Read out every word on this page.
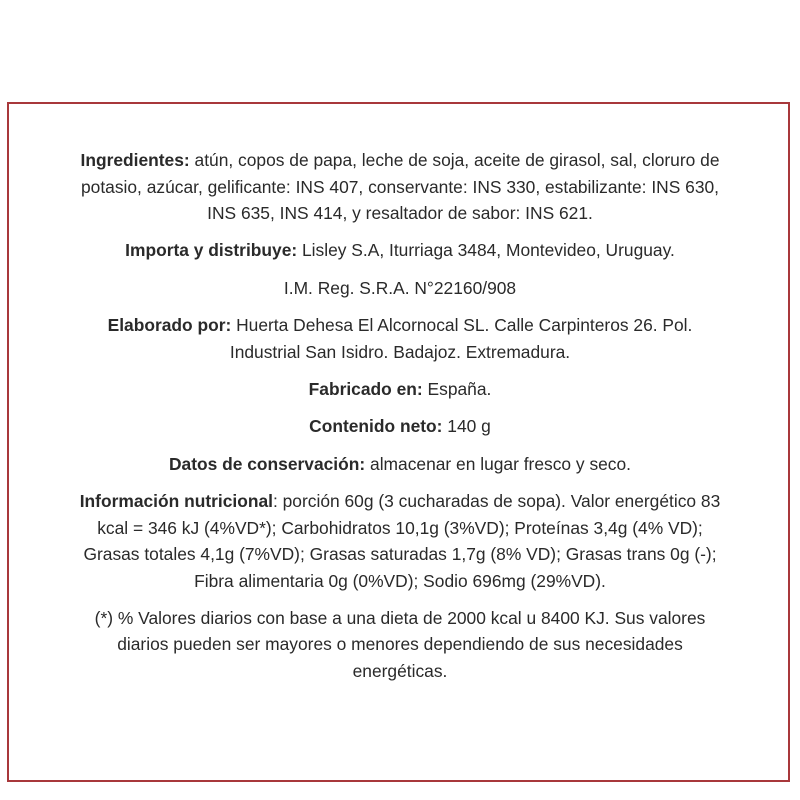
Ingredientes: atún, copos de papa, leche de soja, aceite de girasol, sal, cloruro de
potasio, azúcar, gelificante: INS 407, conservante: INS 330, estabilizante: INS 630,
INS 635, INS 414, y resaltador de sabor: INS 621.

Importa y distribuye: Lisley S.A, Iturriaga 3484, Montevideo, Uruguay.

I.M. Reg. S.R.A. N°22160/908

Elaborado por: Huerta Dehesa El Alcornocal SL. Calle Carpinteros 26. Pol.
Industrial San Isidro. Badajoz. Extremadura.

Fabricado en: España.

Contenido neto: 140 g

Datos de conservación: almacenar en lugar fresco y seco.

Información nutricional: porción 60g (3 cucharadas de sopa). Valor energético 83
kcal = 346 kJ (4%VD*); Carbohidratos 10,1g (3%VD); Proteínas 3,4g (4% VD);
Grasas totales 4,1g (7%VD); Grasas saturadas 1,7g (8% VD); Grasas trans 0g (-);
Fibra alimentaria 0g (0%VD); Sodio 696mg (29%VD).

(*) % Valores diarios con base a una dieta de 2000 kcal u 8400 KJ. Sus valores
diarios pueden ser mayores o menores dependiendo de sus necesidades
energéticas.
